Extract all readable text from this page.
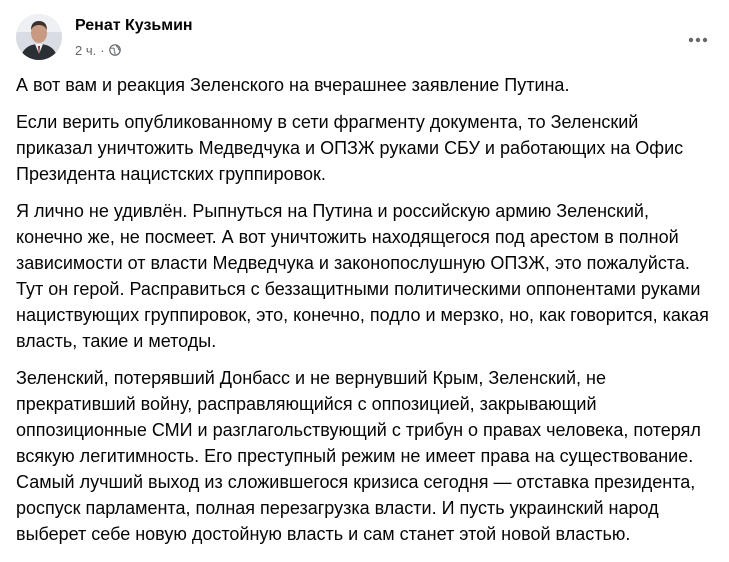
Ренат Кузьмин
2 ч. ·

А вот вам и реакция Зеленского на вчерашнее заявление Путина.

Если верить опубликованному в сети фрагменту документа, то Зеленский приказал уничтожить Медведчука и ОПЗЖ руками СБУ и работающих на Офис Президента нацистских группировок.

Я лично не удивлён. Рыпнуться на Путина и российскую армию Зеленский, конечно же, не посмеет. А вот уничтожить находящегося под арестом в полной зависимости от власти Медведчука и законопослушную ОПЗЖ, это пожалуйста. Тут он герой. Расправиться с беззащитными политическими оппонентами руками нациствующих группировок, это, конечно, подло и мерзко, но, как говорится, какая власть, такие и методы.

Зеленский, потерявший Донбасс и не вернувший Крым, Зеленский, не прекративший войну, расправляющийся с оппозицией, закрывающий оппозиционные СМИ и разглагольствующий с трибун о правах человека, потерял всякую легитимность. Его преступный режим не имеет права на существование. Самый лучший выход из сложившегося кризиса сегодня — отставка президента, роспуск парламента, полная перезагрузка власти. И пусть украинский народ выберет себе новую достойную власть и сам станет этой новой властью.
